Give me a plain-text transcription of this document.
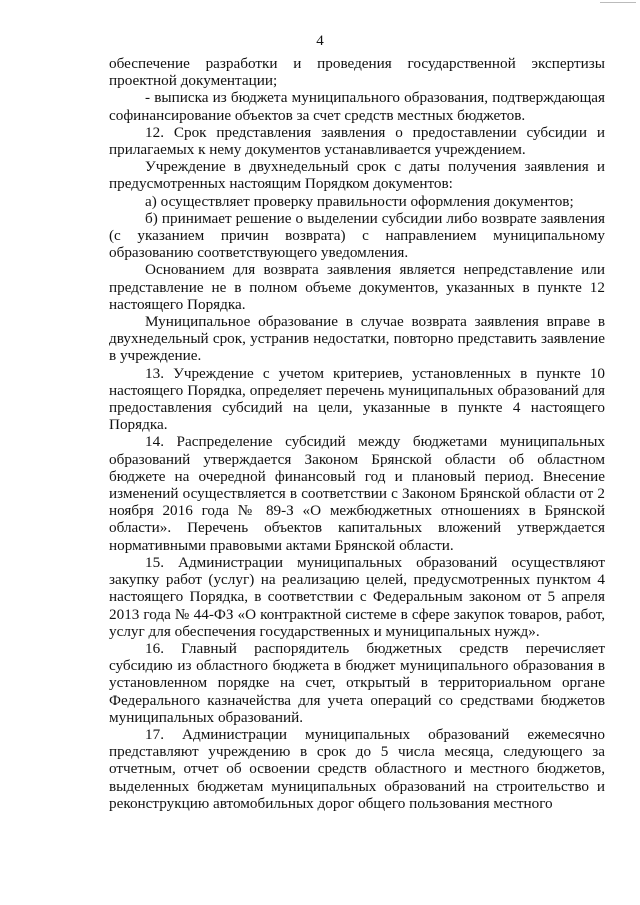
4

обеспечение разработки и проведения государственной экспертизы проектной документации;

- выписка из бюджета муниципального образования, подтверждающая софинансирование объектов за счет средств местных бюджетов.

12. Срок представления заявления о предоставлении субсидии и прилагаемых к нему документов устанавливается учреждением.

Учреждение в двухнедельный срок с даты получения заявления и предусмотренных настоящим Порядком документов:

а) осуществляет проверку правильности оформления документов;

б) принимает решение о выделении субсидии либо возврате заявления (с указанием причин возврата) с направлением муниципальному образованию соответствующего уведомления.

Основанием для возврата заявления является непредставление или представление не в полном объеме документов, указанных в пункте 12 настоящего Порядка.

Муниципальное образование в случае возврата заявления вправе в двухнедельный срок, устранив недостатки, повторно представить заявление в учреждение.

13. Учреждение с учетом критериев, установленных в пункте 10 настоящего Порядка, определяет перечень муниципальных образований для предоставления субсидий на цели, указанные в пункте 4 настоящего Порядка.

14. Распределение субсидий между бюджетами муниципальных образований утверждается Законом Брянской области об областном бюджете на очередной финансовый год и плановый период. Внесение изменений осуществляется в соответствии с Законом Брянской области от 2 ноября 2016 года № 89-З «О межбюджетных отношениях в Брянской области». Перечень объектов капитальных вложений утверждается нормативными правовыми актами Брянской области.

15. Администрации муниципальных образований осуществляют закупку работ (услуг) на реализацию целей, предусмотренных пунктом 4 настоящего Порядка, в соответствии с Федеральным законом от 5 апреля 2013 года № 44-ФЗ «О контрактной системе в сфере закупок товаров, работ, услуг для обеспечения государственных и муниципальных нужд».

16. Главный распорядитель бюджетных средств перечисляет субсидию из областного бюджета в бюджет муниципального образования в установленном порядке на счет, открытый в территориальном органе Федерального казначейства для учета операций со средствами бюджетов муниципальных образований.

17. Администрации муниципальных образований ежемесячно представляют учреждению в срок до 5 числа месяца, следующего за отчетным, отчет об освоении средств областного и местного бюджетов, выделенных бюджетам муниципальных образований на строительство и реконструкцию автомобильных дорог общего пользования местного
